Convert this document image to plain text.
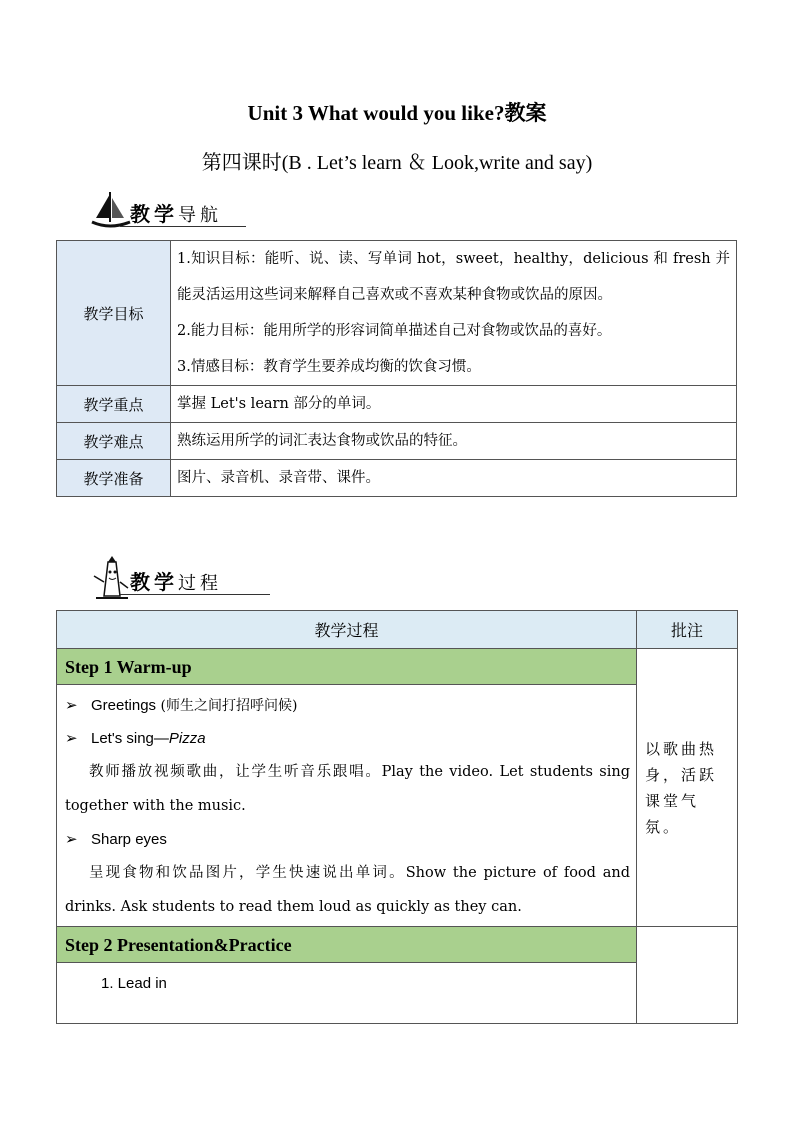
Unit 3 What would you like?教案
第四课时(B . Let’s learn ＆ Look,write and say)
教学导航
教学目标	1.知识目标：能听、说、读、写单词 hot，sweet，healthy，delicious 和 fresh 并能灵活运用这些词来解释自己喜欢或不喜欢某种食物或饮品的原因。
2.能力目标：能用所学的形容词简单描述自己对食物或饮品的喜好。
3.情感目标：教育学生要养成均衡的饮食习惯。

教学重点	掌握 Let's learn 部分的单词。
教学难点	熟练运用所学的词汇表达食物或饮品的特征。
教学准备	图片、录音机、录音带、课件。
教学过程
教学过程	批注
Step 1 Warm-up	以歌曲热身，活跃课堂气氛。

➢ Greetings (师生之间打招呼问候)
➢ Let's sing—Pizza
教师播放视频歌曲，让学生听音乐跟唱。Play the video. Let students sing together with the music.
➢ Sharp eyes
呈现食物和饮品图片，学生快速说出单词。Show the picture of food and drinks. Ask students to read them loud as quickly as they can.	

Step 2 Presentation&Practice	
1. Lead in	
